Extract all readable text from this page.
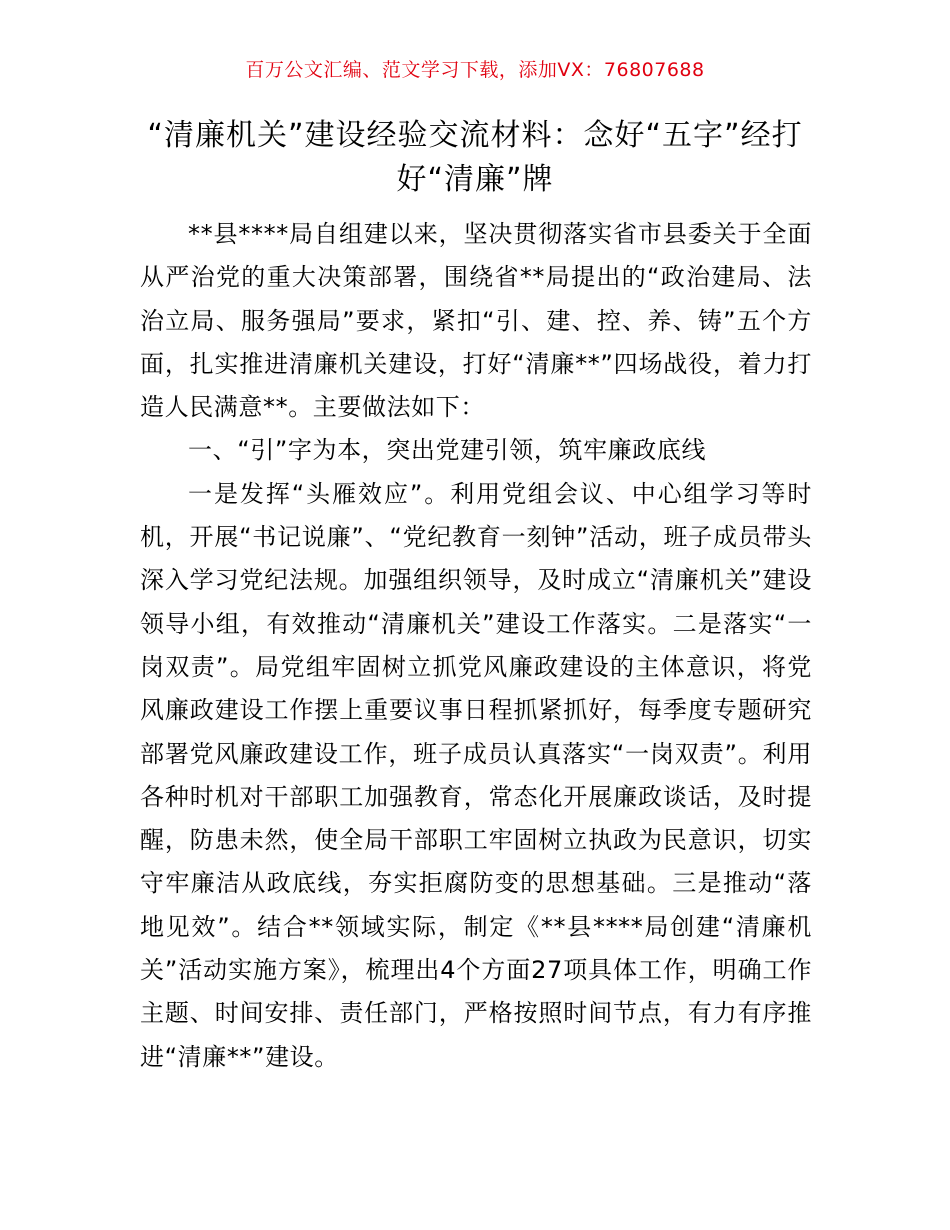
百万公文汇编、范文学习下载，添加VX：76807688
“清廉机关”建设经验交流材料：念好“五字”经打好“清廉”牌

**县****局自组建以来，坚决贯彻落实省市县委关于全面从严治党的重大决策部署，围绕省**局提出的“政治建局、法治立局、服务强局”要求，紧扣“引、建、控、养、铸”五个方面，扎实推进清廉机关建设，打好“清廉**”四场战役，着力打造人民满意**。主要做法如下：

一、“引”字为本，突出党建引领，筑牢廉政底线

一是发挥“头雁效应”。利用党组会议、中心组学习等时机，开展“书记说廉”、“党纪教育一刻钟”活动，班子成员带头深入学习党纪法规。加强组织领导，及时成立“清廉机关”建设领导小组，有效推动“清廉机关”建设工作落实。二是落实“一岗双责”。局党组牢固树立抓党风廉政建设的主体意识，将党风廉政建设工作摆上重要议事日程抓紧抓好，每季度专题研究部署党风廉政建设工作，班子成员认真落实“一岗双责”。利用各种时机对干部职工加强教育，常态化开展廉政谈话，及时提醒，防患未然，使全局干部职工牢固树立执政为民意识，切实守牢廉洁从政底线，夯实拒腐防变的思想基础。三是推动“落地见效”。结合**领域实际，制定《**县****局创建“清廉机关”活动实施方案》，梳理出4个方面27项具体工作，明确工作主题、时间安排、责任部门，严格按照时间节点，有力有序推进“清廉**”建设。
